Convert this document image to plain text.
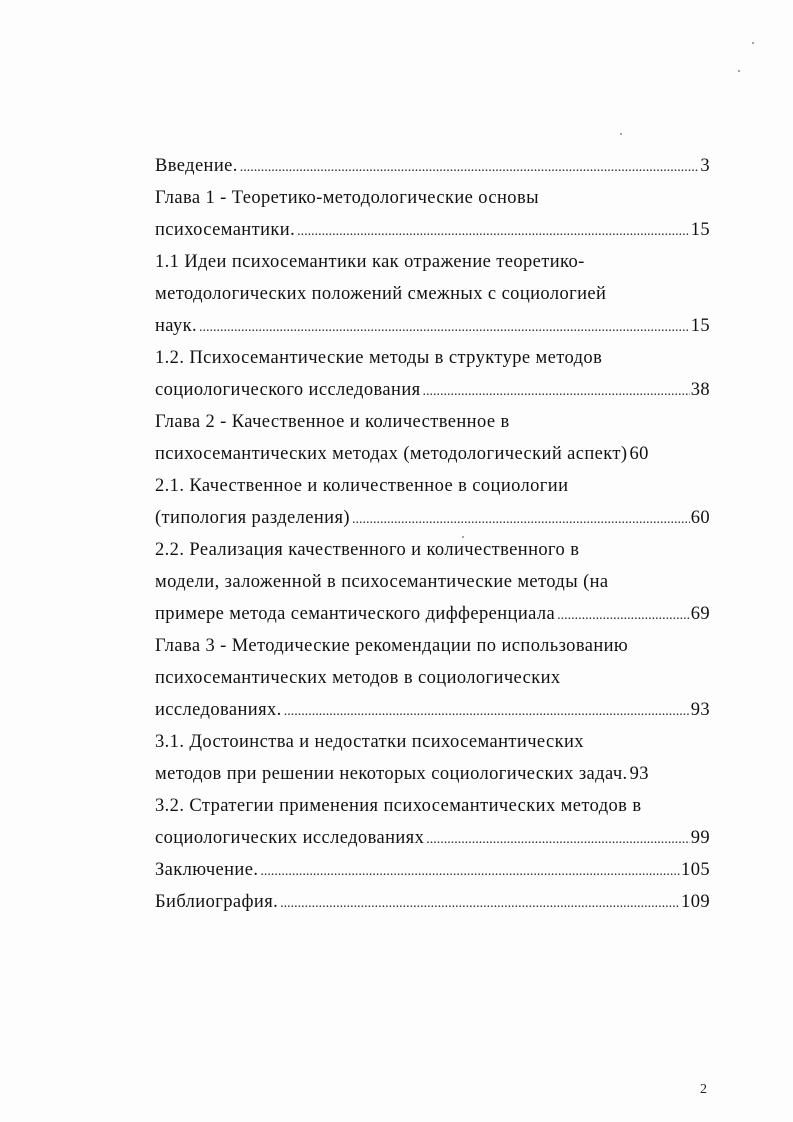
Введение. .....	3
Глава 1 - Теоретико-методологические основы
психосемантики. .....	15
1.1 Идеи психосемантики как отражение теоретико-
методологических положений смежных с социологией
наук. .....	15
1.2. Психосемантические методы в структуре методов
социологического исследования .....	38
Глава 2 - Качественное и количественное в
психосемантических методах (методологический аспект) 60
2.1. Качественное и количественное в социологии
(типология разделения) .....	60
2.2. Реализация качественного и количественного в
модели, заложенной в психосемантические методы (на
примере метода семантического дифференциала .....	69
Глава 3 - Методические рекомендации по использованию
психосемантических методов в социологических
исследованиях. .....	93
3.1. Достоинства и недостатки психосемантических
методов при решении некоторых социологических задач. 93
3.2. Стратегии применения психосемантических методов в
социологических исследованиях .....	99
Заключение. .....	105
Библиография. .....	109
2
